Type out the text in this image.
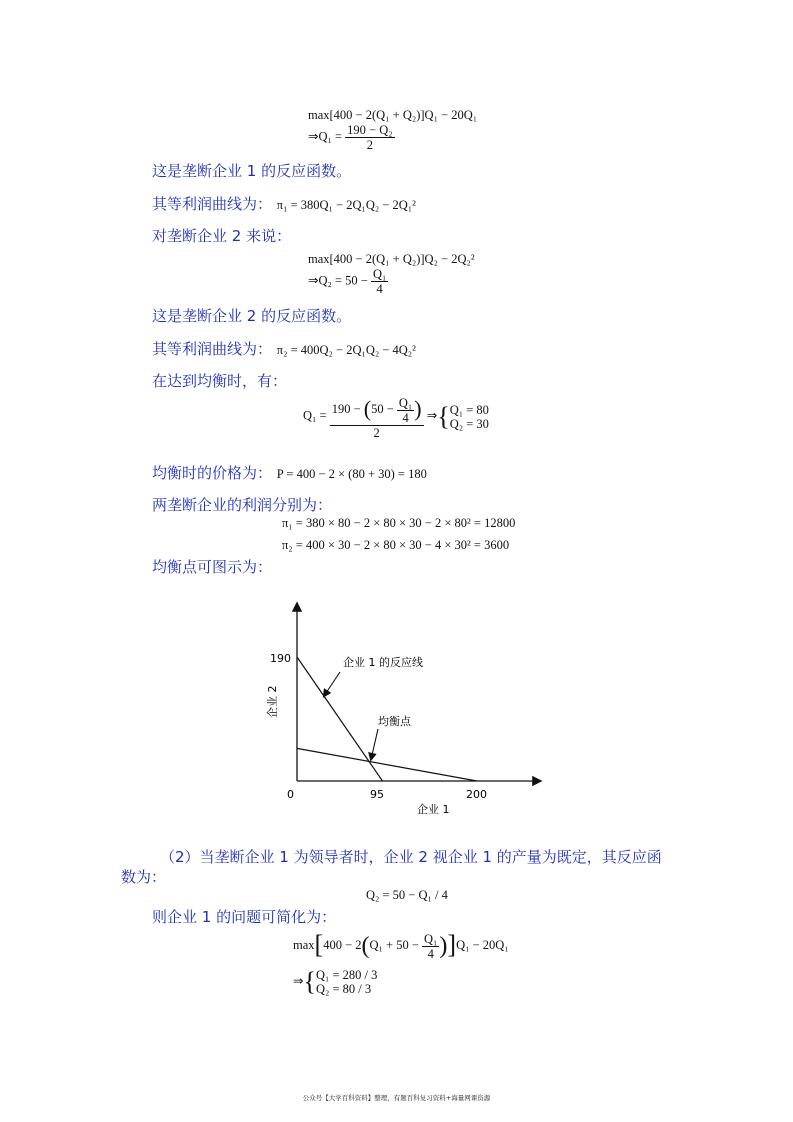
max[400 − 2(Q₁ + Q₂)]Q₁ − 20Q₁
⇒Q₁ = $\frac{\text{190 − Q₂}}{2}$
这是垄断企业 1 的反应函数。
其等利润曲线为： π₁ = 380Q₁ − 2Q₁Q₂ − 2Q₁²
对垄断企业 2 来说：
max[400 − 2(Q₁ + Q₂)]Q₂ − 2Q₂²
⇒Q₂ = $50 - \frac{\text{Q₁}}{4}$
这是垄断企业 2 的反应函数。
其等利润曲线为： π₂ = 400Q₂ − 2Q₁Q₂ − 4Q₂²
在达到均衡时，有：
$Q_1 = 190 - (50 - \frac{\text{Q₁}}{4}$ )
2
⇒{ Q₁ = 80
Q₂ = 30
均衡时的价格为： P = 400 − 2 × (80 + 30) = 180
两垄断企业的利润分别为：
π₁ = 380 × 80 − 2 × 80 × 30 − 2 × 80² = 12800
π₂ = 400 × 30 − 2 × 80 × 30 − 4 × 30² = 3600
均衡点可图示为：
190
0	95	200
企业 1
企业 2
企业 1 的反应线
均衡点
（2）当垄断企业 1 为领导者时，企业 2 视企业 1 的产量为既定，其反应函
数为：
Q₂ = 50 − Q₁ / 4
则企业 1 的问题可简化为：
$\max[400 - 2(Q_1 + 50 - \frac{\text{Q₁}}{4} )]Q_1 - 20Q_1$
⇒{ Q₁ = 280 / 3
Q₂ = 80 / 3
公众号【大学百科资料】整理，有题百科复习资料+海量网课资源
